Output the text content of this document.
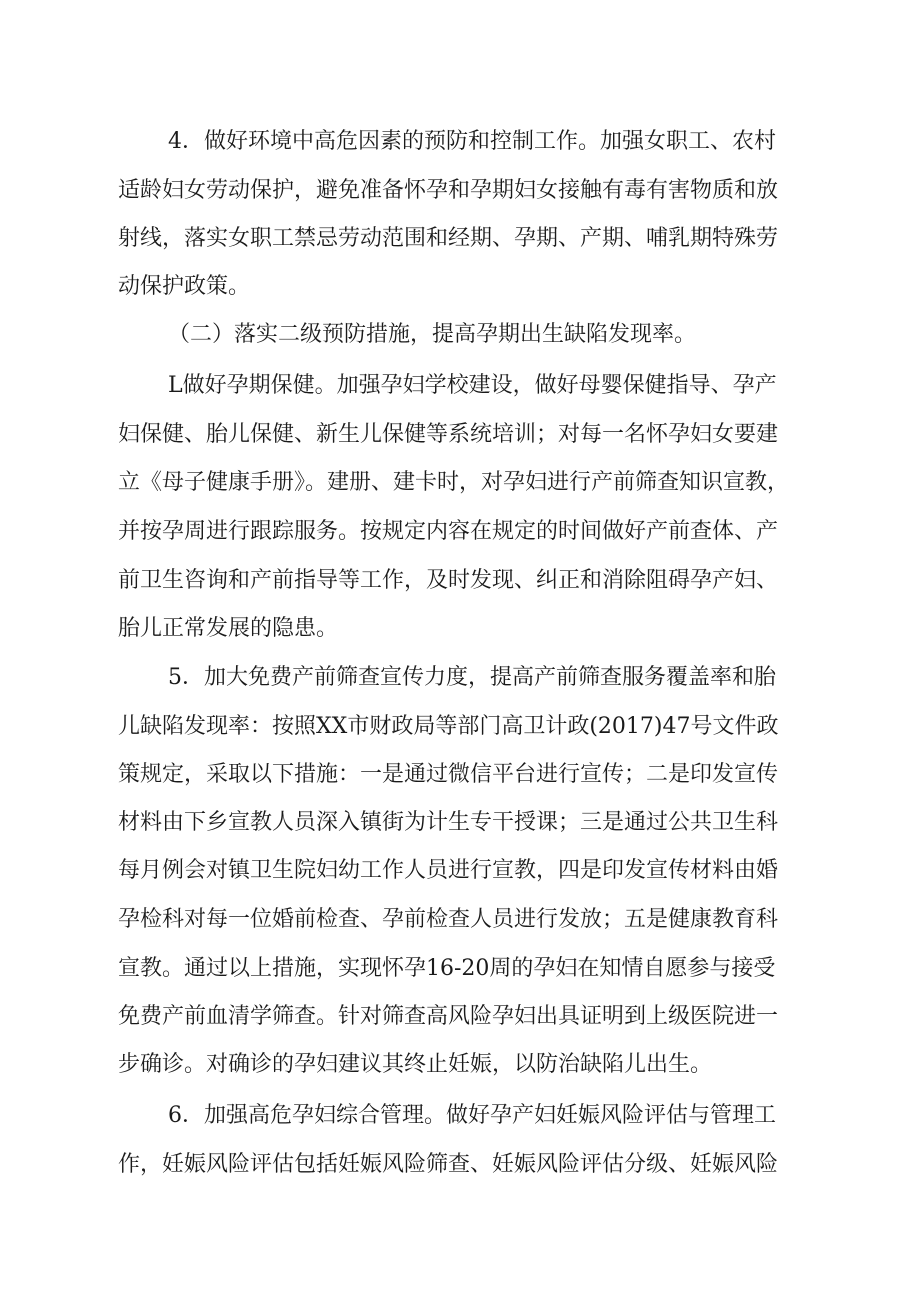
4．做好环境中高危因素的预防和控制工作。加强女职工、农村
适龄妇女劳动保护，避免准备怀孕和孕期妇女接触有毒有害物质和放
射线，落实女职工禁忌劳动范围和经期、孕期、产期、哺乳期特殊劳
动保护政策。
（二）落实二级预防措施，提高孕期出生缺陷发现率。
L做好孕期保健。加强孕妇学校建设，做好母婴保健指导、孕产
妇保健、胎儿保健、新生儿保健等系统培训；对每一名怀孕妇女要建
立《母子健康手册》。建册、建卡时，对孕妇进行产前筛查知识宣教，
并按孕周进行跟踪服务。按规定内容在规定的时间做好产前查体、产
前卫生咨询和产前指导等工作，及时发现、纠正和消除阻碍孕产妇、
胎儿正常发展的隐患。
5．加大免费产前筛查宣传力度，提高产前筛查服务覆盖率和胎
儿缺陷发现率：按照XX市财政局等部门高卫计政(2017)47号文件政
策规定，采取以下措施：一是通过微信平台进行宣传；二是印发宣传
材料由下乡宣教人员深入镇街为计生专干授课；三是通过公共卫生科
每月例会对镇卫生院妇幼工作人员进行宣教，四是印发宣传材料由婚
孕检科对每一位婚前检查、孕前检查人员进行发放；五是健康教育科
宣教。通过以上措施，实现怀孕16-20周的孕妇在知情自愿参与接受
免费产前血清学筛查。针对筛查高风险孕妇出具证明到上级医院进一
步确诊。对确诊的孕妇建议其终止妊娠，以防治缺陷儿出生。
6．加强高危孕妇综合管理。做好孕产妇妊娠风险评估与管理工
作，妊娠风险评估包括妊娠风险筛查、妊娠风险评估分级、妊娠风险
